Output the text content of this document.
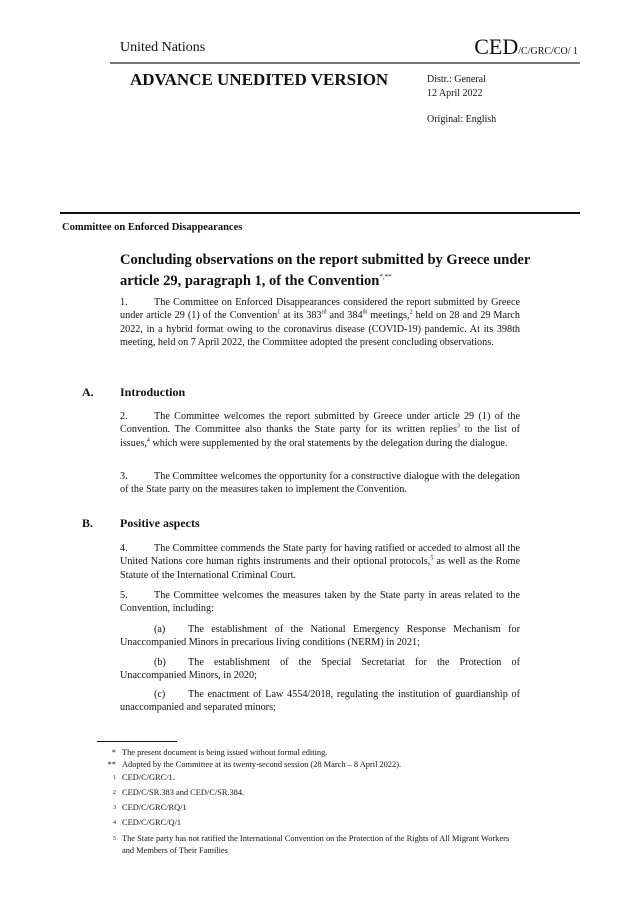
United Nations	CED/C/GRC/CO/ 1
ADVANCE UNEDITED VERSION	Distr.: General
12 April 2022
Original: English
Committee on Enforced Disappearances
Concluding observations on the report submitted by Greece under article 29, paragraph 1, of the Convention*,**
1.	The Committee on Enforced Disappearances considered the report submitted by Greece under article 29 (1) of the Convention$^1$ at its 383rd and 384th meetings,$^2$ held on 28 and 29 March 2022, in a hybrid format owing to the coronavirus disease (COVID-19) pandemic. At its 398th meeting, held on 7 April 2022, the Committee adopted the present concluding observations.
A. Introduction
2.	The Committee welcomes the report submitted by Greece under article 29 (1) of the Convention. The Committee also thanks the State party for its written replies$^3$ to the list of issues,$^4$ which were supplemented by the oral statements by the delegation during the dialogue.
3.	The Committee welcomes the opportunity for a constructive dialogue with the delegation of the State party on the measures taken to implement the Convention.
B. Positive aspects
4.	The Committee commends the State party for having ratified or acceded to almost all the United Nations core human rights instruments and their optional protocols,$^5$ as well as the Rome Statute of the International Criminal Court.
5.	The Committee welcomes the measures taken by the State party in areas related to the Convention, including:
(a) The establishment of the National Emergency Response Mechanism for Unaccompanied Minors in precarious living conditions (NERM) in 2021;
(b) The establishment of the Special Secretariat for the Protection of Unaccompanied Minors, in 2020;
(c) The enactment of Law 4554/2018, regulating the institution of guardianship of unaccompanied and separated minors;
* The present document is being issued without formal editing.
** Adopted by the Committee at its twenty-second session (28 March – 8 April 2022).
$^1$ CED/C/GRC/1.
$^2$ CED/C/SR.383 and CED/C/SR.384.
$^3$ CED/C/GRC/RQ/1
$^4$ CED/C/GRC/Q/1
$^5$ The State party has not ratified the International Convention on the Protection of the Rights of All Migrant Workers and Members of Their Families
